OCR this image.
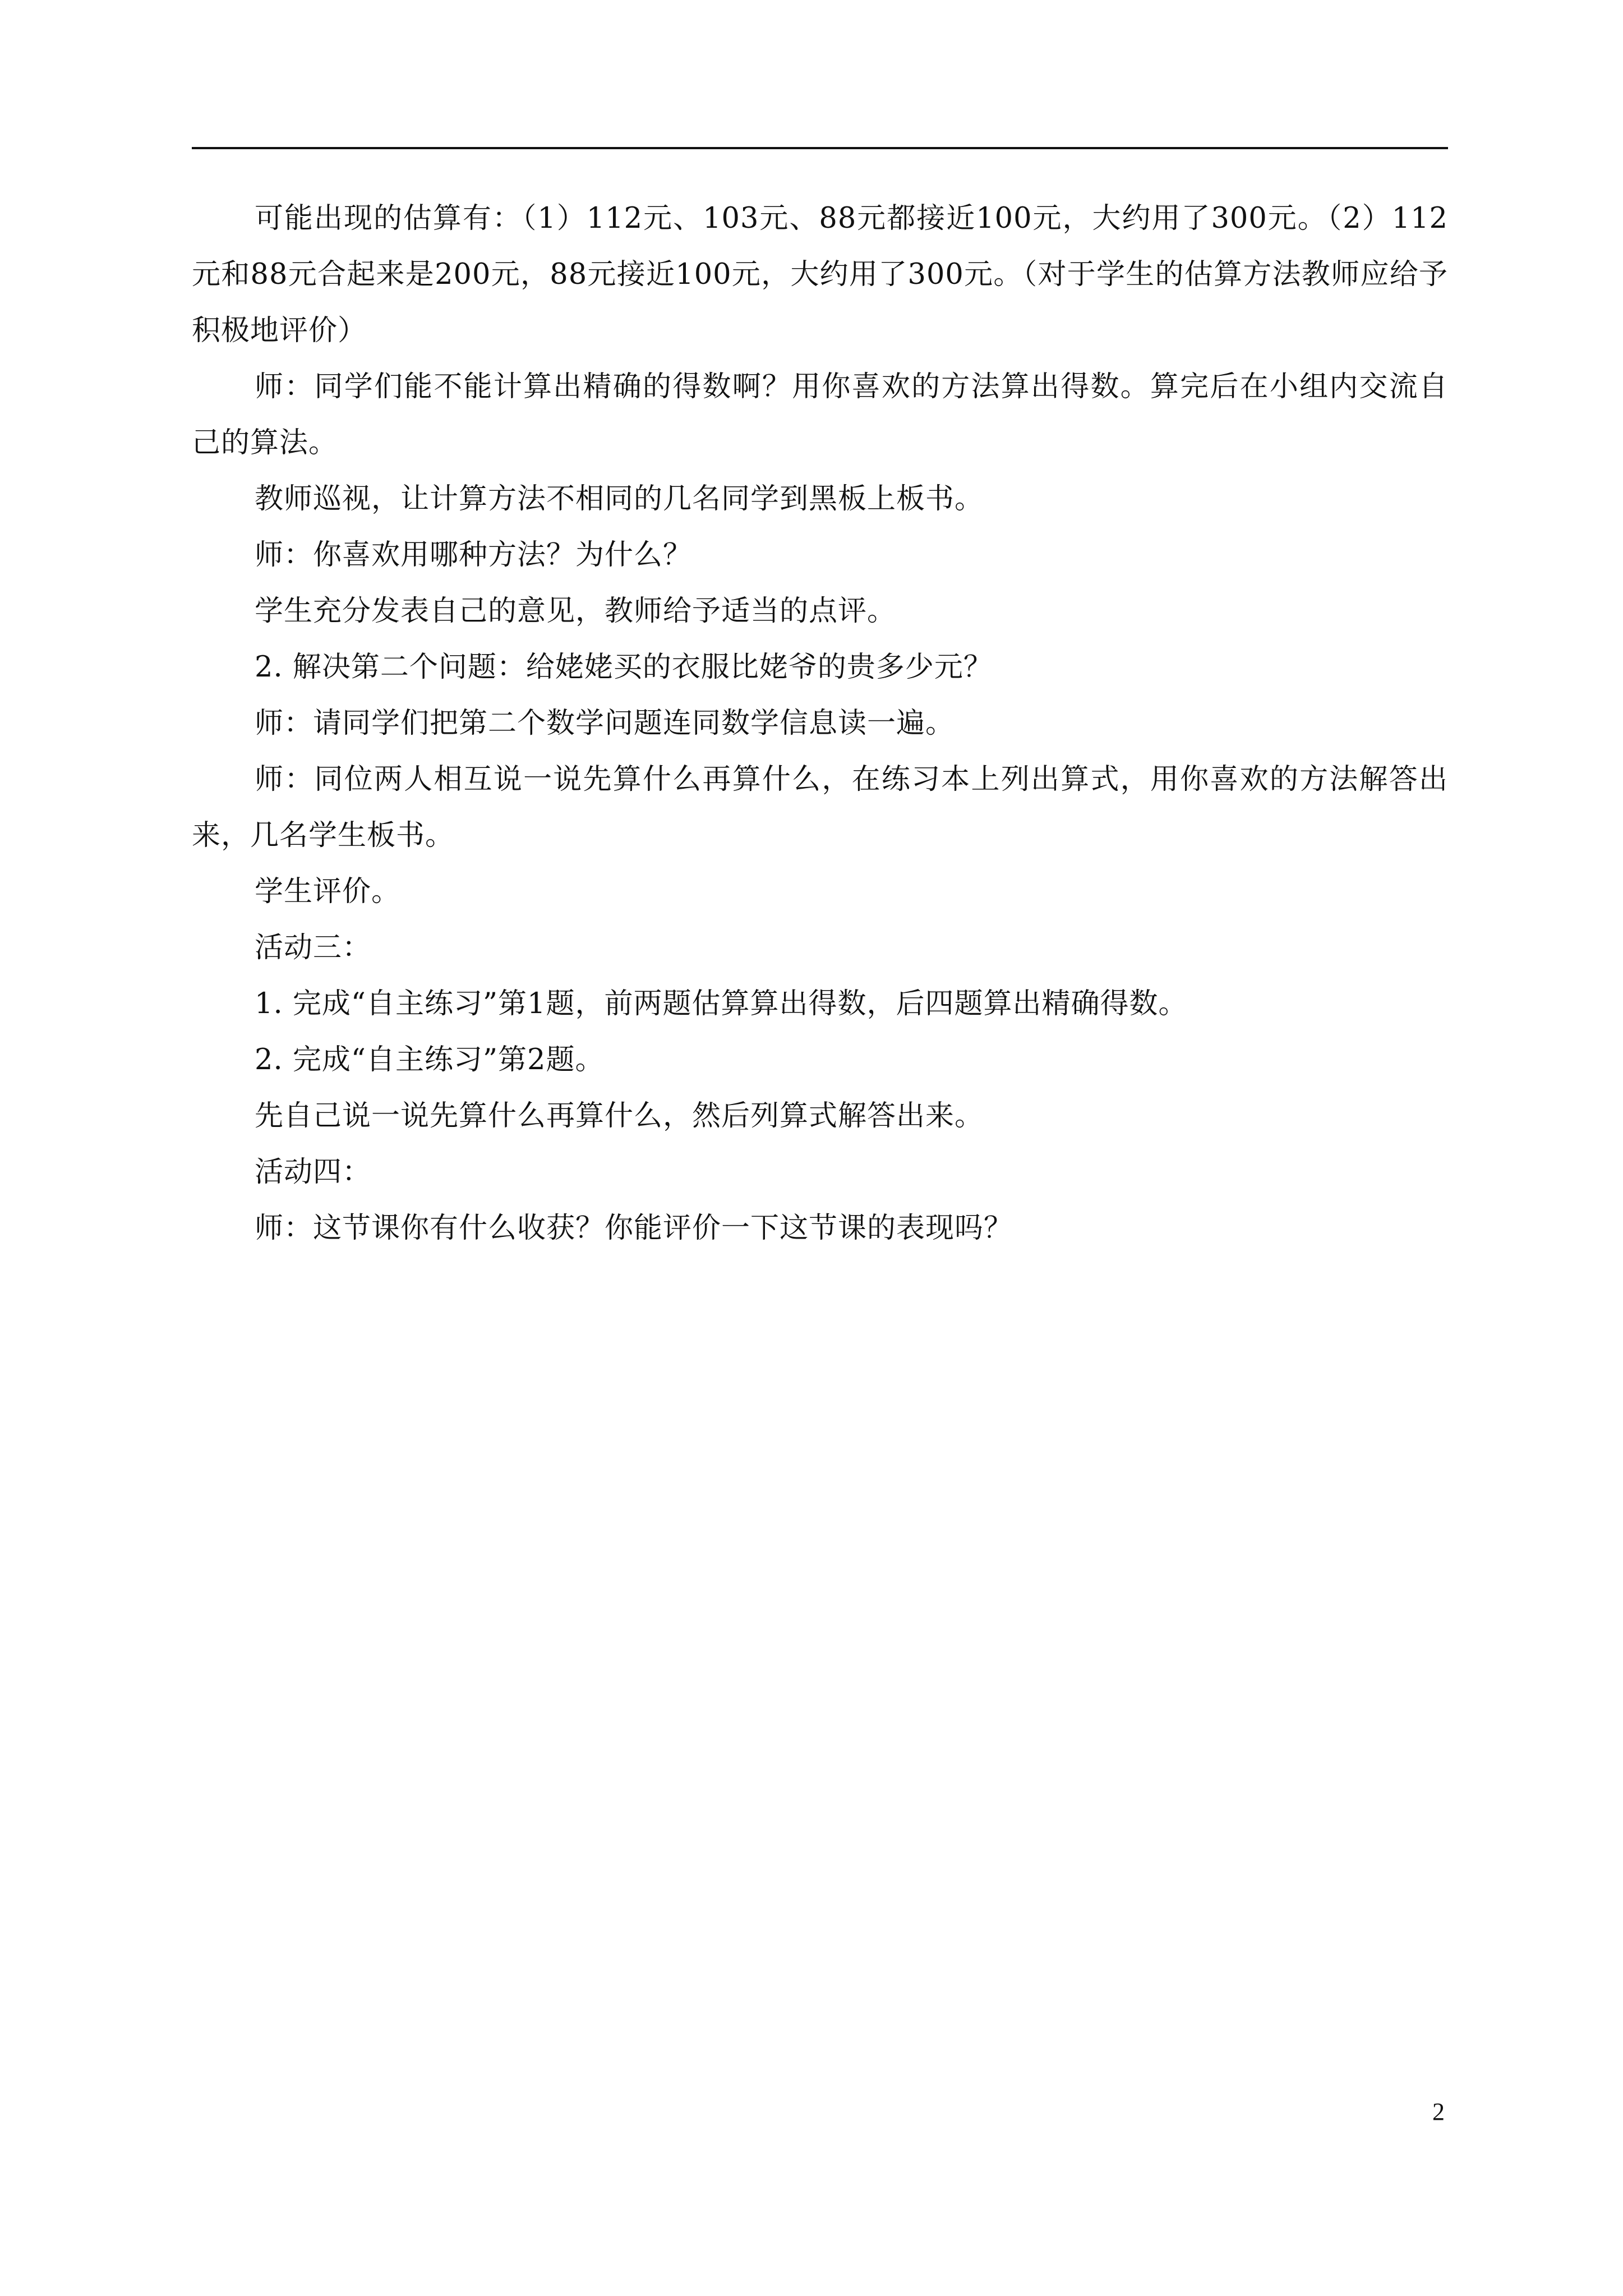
可能出现的估算有：（1）112元、103元、88元都接近100元，大约用了300元。（2）112元和88元合起来是200元，88元接近100元，大约用了300元。（对于学生的估算方法教师应给予积极地评价）

师：同学们能不能计算出精确的得数啊？用你喜欢的方法算出得数。算完后在小组内交流自己的算法。

教师巡视，让计算方法不相同的几名同学到黑板上板书。

师：你喜欢用哪种方法？为什么？

学生充分发表自己的意见，教师给予适当的点评。

2. 解决第二个问题：给姥姥买的衣服比姥爷的贵多少元？

师：请同学们把第二个数学问题连同数学信息读一遍。

师：同位两人相互说一说先算什么再算什么，在练习本上列出算式，用你喜欢的方法解答出来，几名学生板书。

学生评价。

活动三：

1. 完成“自主练习”第1题，前两题估算算出得数，后四题算出精确得数。

2. 完成“自主练习”第2题。

先自己说一说先算什么再算什么，然后列算式解答出来。

活动四：

师：这节课你有什么收获？你能评价一下这节课的表现吗？

2
